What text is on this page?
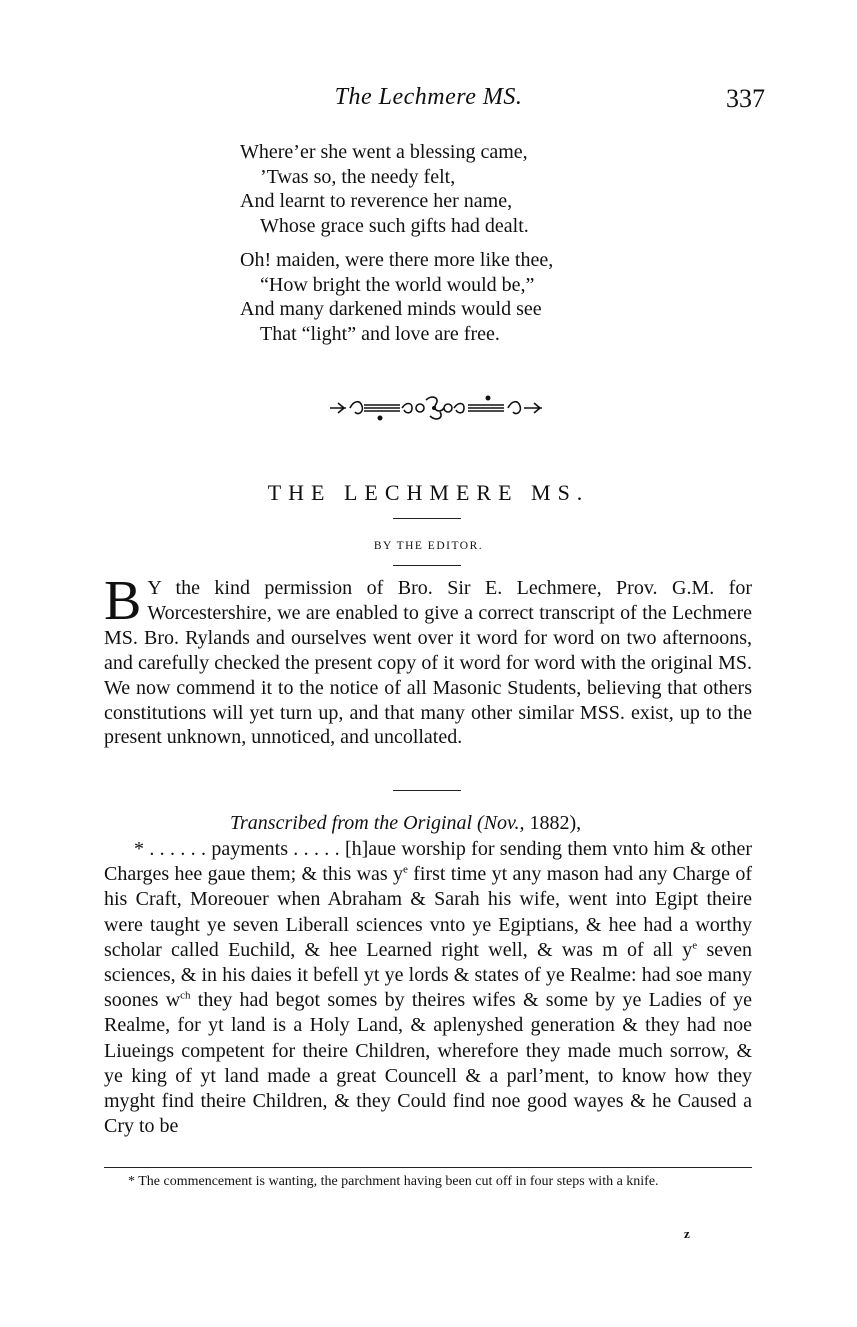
The Lechmere MS.	337
Where’er she went a blessing came,
’Twas so, the needy felt,
And learnt to reverence her name,
Whose grace such gifts had dealt.
Oh! maiden, were there more like thee,
“How bright the world would be,”
And many darkened minds would see
That “light” and love are free.
THE LECHMERE MS.
BY THE EDITOR.
B Y the kind permission of Bro. Sir E. Lechmere, Prov. G.M. for Worcestershire, we are enabled to give a correct transcript of the Lechmere MS. Bro. Rylands and ourselves went over it word for word on two afternoons, and carefully checked the present copy of it word for word with the original MS. We now commend it to the notice of all Masonic Students, believing that others constitutions will yet turn up, and that many other similar MSS. exist, up to the present unknown, unnoticed, and uncollated.
Transcribed from the Original (Nov., 1882),
* . . . . . . payments . . . . . [h]aue worship for sending them vnto him & other Charges hee gaue them; & this was $y^e$ first time yt any mason had any Charge of his Craft, Moreouer when Abraham & Sarah his wife, went into Egipt theire were taught ye seven Liberall sciences vnto ye Egiptians, & hee had a worthy scholar called Euchild, & hee Learned right well, & was m of all $y^e$ seven sciences, & in his daies it befell yt ye lords & states of ye Realme: had soe many soones $w^{ch}$ they had begot somes by theires wifes & some by ye Ladies of ye Realme, for yt land is a Holy Land, & aplenyshed generation & they had noe Liueings competent for theire Children, wherefore they made much sorrow, & ye king of yt land made a great Councell & a parl’ment, to know how they myght find theire Children, & they Could find noe good wayes & he Caused a Cry to be
* The commencement is wanting, the parchment having been cut off in four steps with a knife.
z
